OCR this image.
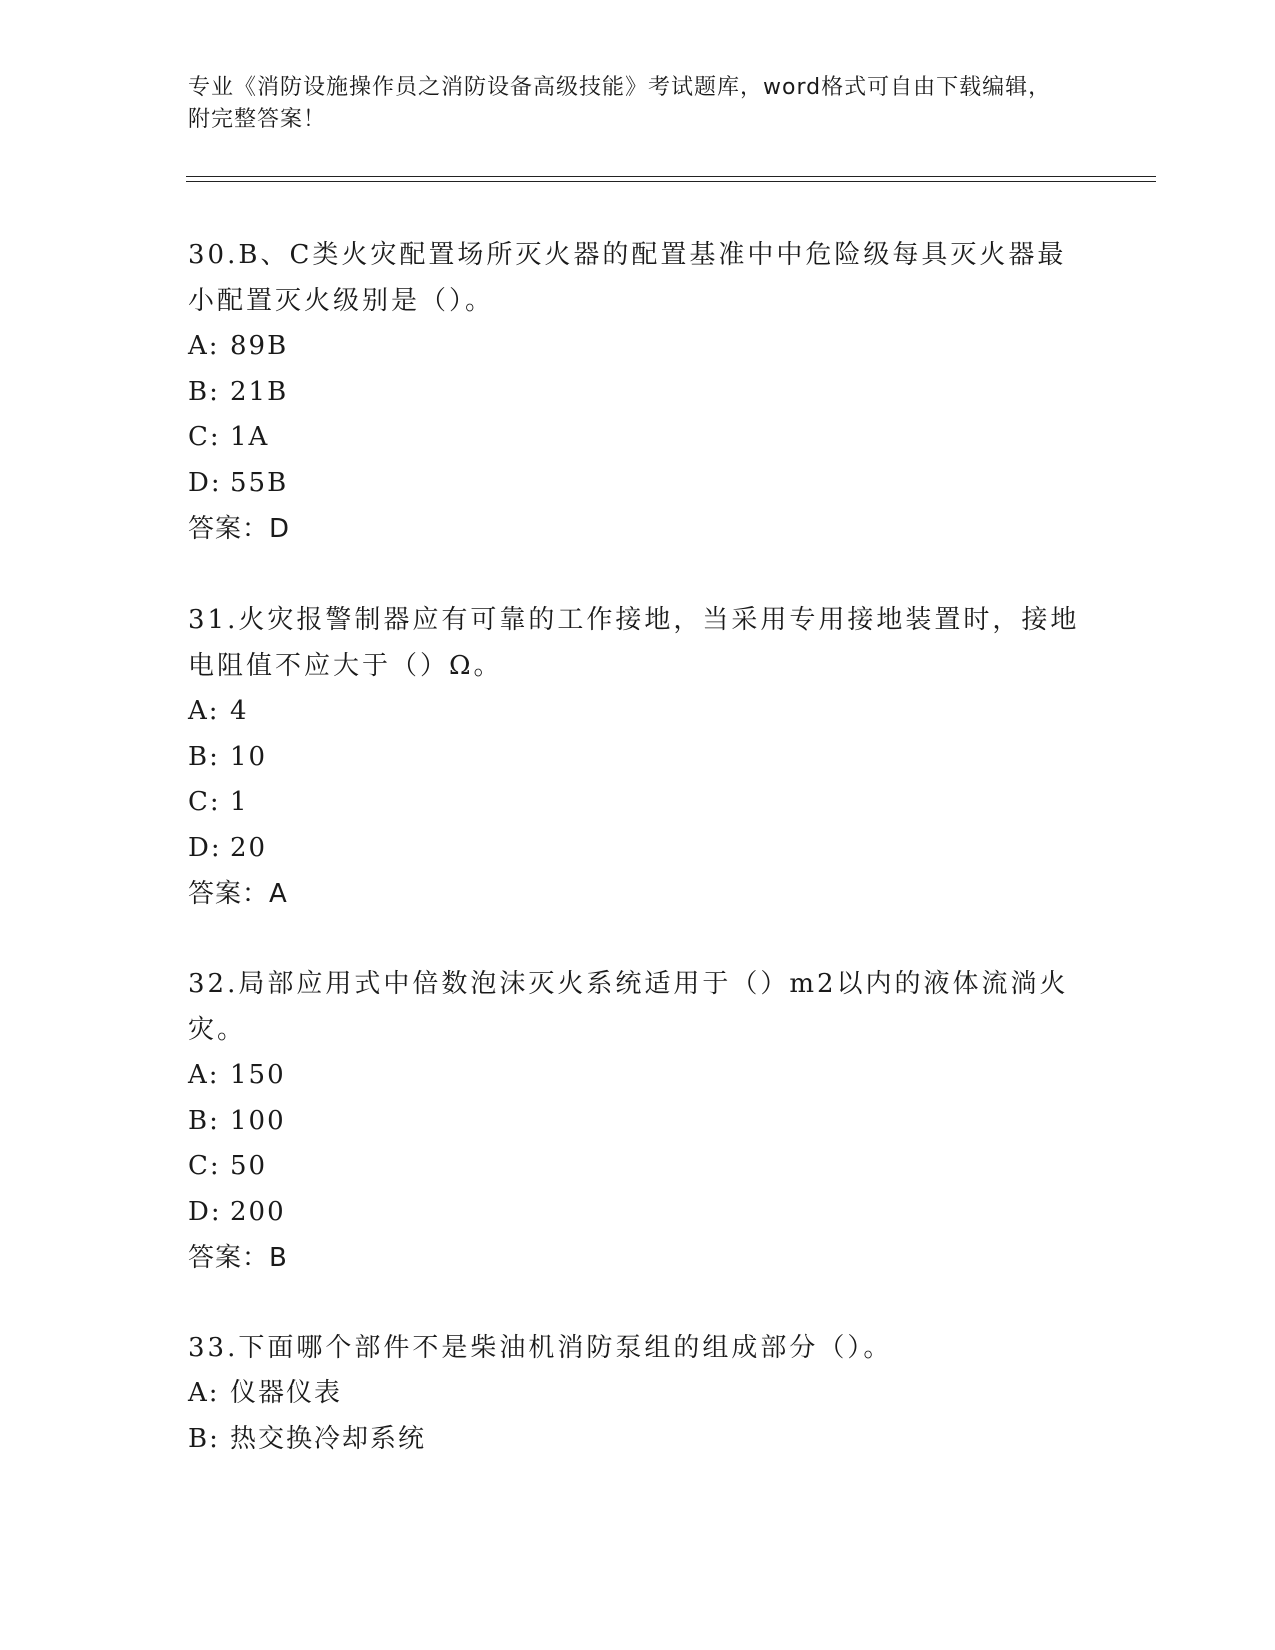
专业《消防设施操作员之消防设备高级技能》考试题库，word格式可自由下载编辑，附完整答案！

30.B、C类火灾配置场所灭火器的配置基准中中危险级每具灭火器最小配置灭火级别是（）。

A: 89B

B: 21B

C: 1A

D: 55B

答案：D

31.火灾报警制器应有可靠的工作接地，当采用专用接地装置时，接地电阻值不应大于（）Ω。

A: 4

B: 10

C: 1

D: 20

答案：A

32.局部应用式中倍数泡沫灭火系统适用于（）m2以内的液体流淌火灾。

A: 150

B: 100

C: 50

D: 200

答案：B

33.下面哪个部件不是柴油机消防泵组的组成部分（）。

A: 仪器仪表

B: 热交换冷却系统
